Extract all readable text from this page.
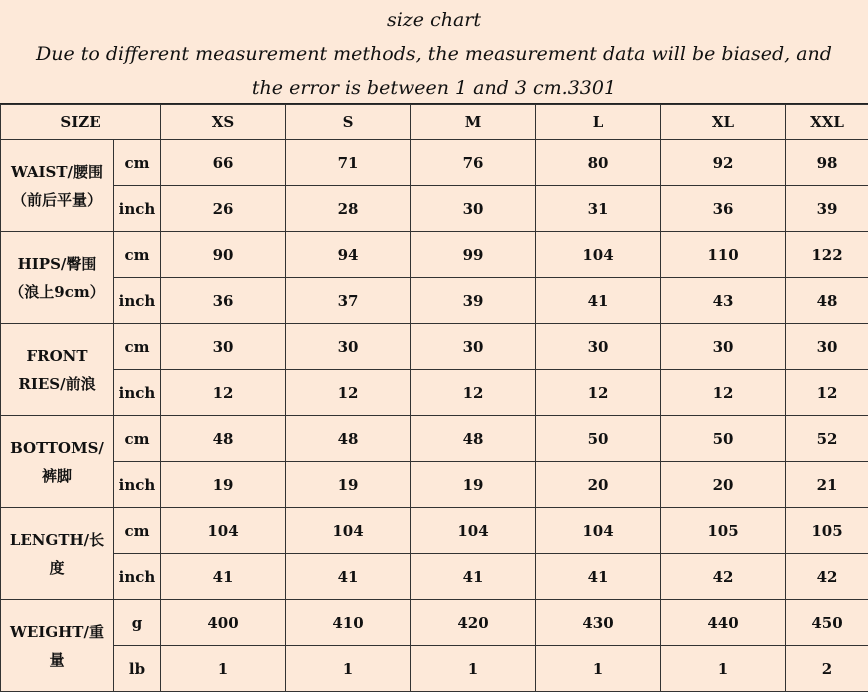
size chart
Due to different measurement methods, the measurement data will be biased, and
the error is between 1 and 3 cm.3301
SIZE		XS	S	M	L	XL	XXL
WAIST/腰围（前后平量）	cm	66	71	76	80	92	98
	inch	26	28	30	31	36	39
HIPS/臀围（浪上9cm）	cm	90	94	99	104	110	122
	inch	36	37	39	41	43	48
FRONT RIES/前浪	cm	30	30	30	30	30	30
	inch	12	12	12	12	12	12
BOTTOMS/裤脚	cm	48	48	48	50	50	52
	inch	19	19	19	20	20	21
LENGTH/长度	cm	104	104	104	104	105	105
	inch	41	41	41	41	42	42
WEIGHT/重量	g	400	410	420	430	440	450
	lb	1	1	1	1	1	2
